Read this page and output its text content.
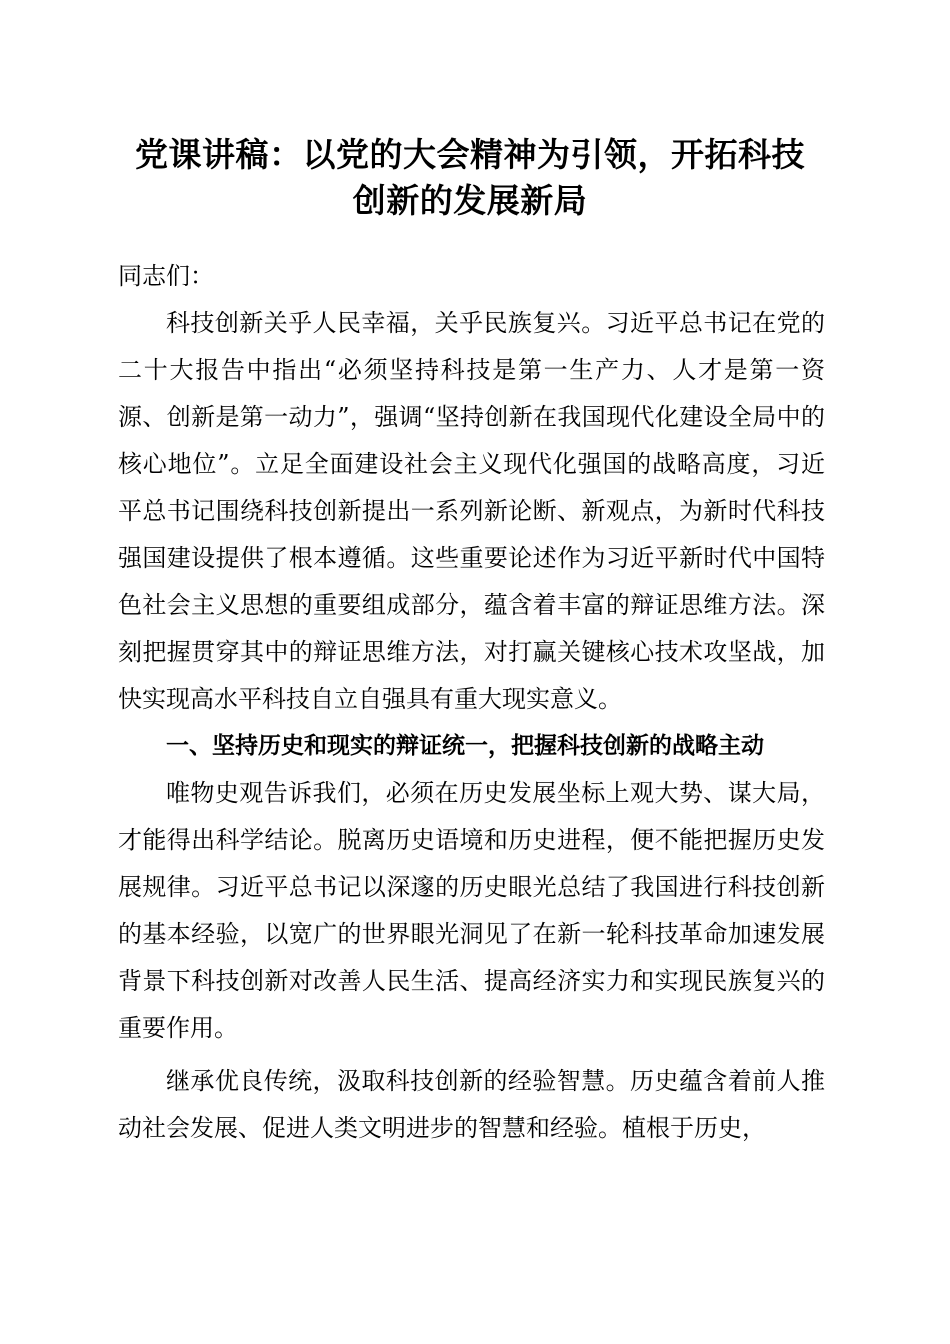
党课讲稿：以党的大会精神为引领，开拓科技
创新的发展新局

同志们：

科技创新关乎人民幸福，关乎民族复兴。习近平总书记在党的二十大报告中指出“必须坚持科技是第一生产力、人才是第一资源、创新是第一动力”，强调“坚持创新在我国现代化建设全局中的核心地位”。立足全面建设社会主义现代化强国的战略高度，习近平总书记围绕科技创新提出一系列新论断、新观点，为新时代科技强国建设提供了根本遵循。这些重要论述作为习近平新时代中国特色社会主义思想的重要组成部分，蕴含着丰富的辩证思维方法。深刻把握贯穿其中的辩证思维方法，对打赢关键核心技术攻坚战，加快实现高水平科技自立自强具有重大现实意义。

一、坚持历史和现实的辩证统一，把握科技创新的战略主动

唯物史观告诉我们，必须在历史发展坐标上观大势、谋大局，才能得出科学结论。脱离历史语境和历史进程，便不能把握历史发展规律。习近平总书记以深邃的历史眼光总结了我国进行科技创新的基本经验，以宽广的世界眼光洞见了在新一轮科技革命加速发展背景下科技创新对改善人民生活、提高经济实力和实现民族复兴的重要作用。

继承优良传统，汲取科技创新的经验智慧。历史蕴含着前人推动社会发展、促进人类文明进步的智慧和经验。植根于历史，
